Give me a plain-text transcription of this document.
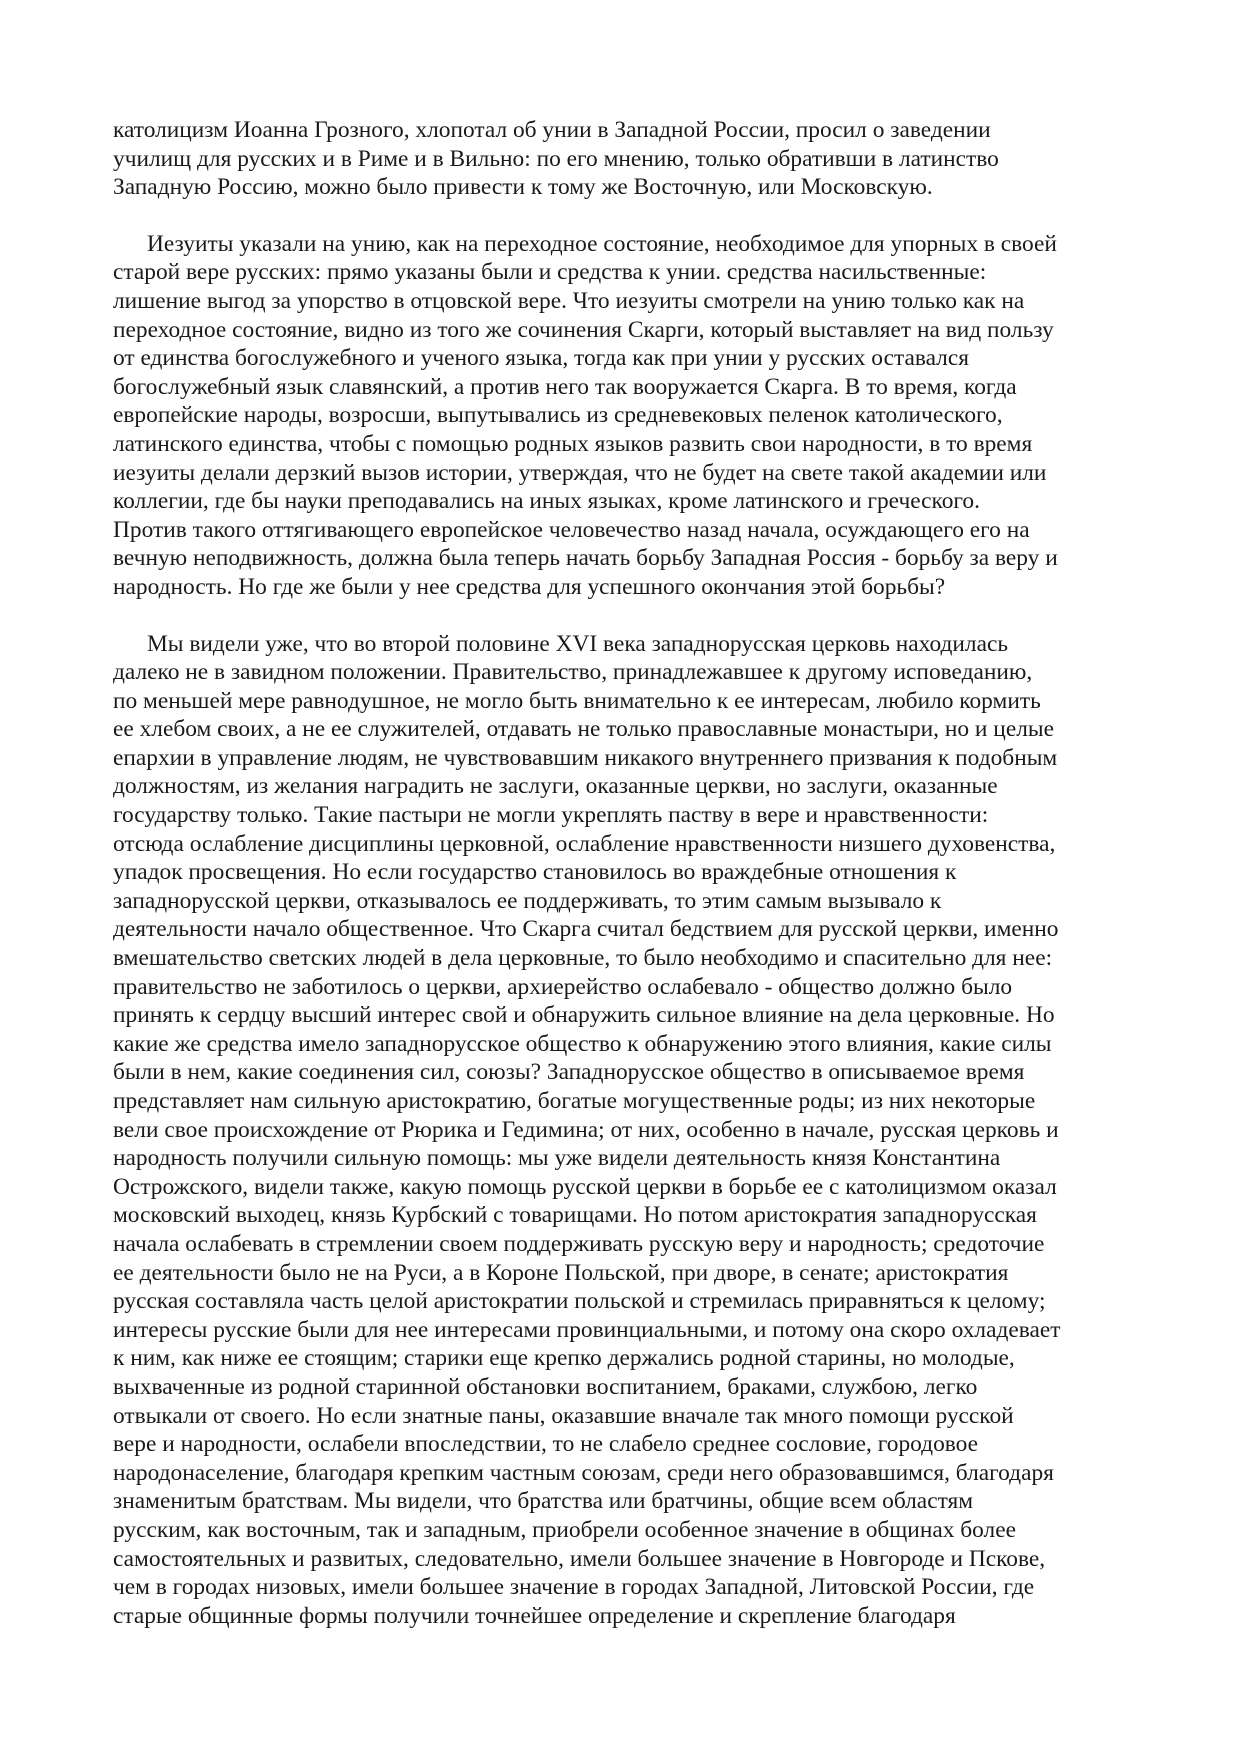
католицизм Иоанна Грозного, хлопотал об унии в Западной России, просил о заведении
училищ для русских и в Риме и в Вильно: по его мнению, только обративши в латинство
Западную Россию, можно было привести к тому же Восточную, или Московскую.

Иезуиты указали на унию, как на переходное состояние, необходимое для упорных в своей
старой вере русских: прямо указаны были и средства к унии. средства насильственные:
лишение выгод за упорство в отцовской вере. Что иезуиты смотрели на унию только как на
переходное состояние, видно из того же сочинения Скарги, который выставляет на вид пользу
от единства богослужебного и ученого языка, тогда как при унии у русских оставался
богослужебный язык славянский, а против него так вооружается Скарга. В то время, когда
европейские народы, возросши, выпутывались из средневековых пеленок католического,
латинского единства, чтобы с помощью родных языков развить свои народности, в то время
иезуиты делали дерзкий вызов истории, утверждая, что не будет на свете такой академии или
коллегии, где бы науки преподавались на иных языках, кроме латинского и греческого.
Против такого оттягивающего европейское человечество назад начала, осуждающего его на
вечную неподвижность, должна была теперь начать борьбу Западная Россия - борьбу за веру и
народность. Но где же были у нее средства для успешного окончания этой борьбы?

Мы видели уже, что во второй половине XVI века западнорусская церковь находилась
далеко не в завидном положении. Правительство, принадлежавшее к другому исповеданию,
по меньшей мере равнодушное, не могло быть внимательно к ее интересам, любило кормить
ее хлебом своих, а не ее служителей, отдавать не только православные монастыри, но и целые
епархии в управление людям, не чувствовавшим никакого внутреннего призвания к подобным
должностям, из желания наградить не заслуги, оказанные церкви, но заслуги, оказанные
государству только. Такие пастыри не могли укреплять паству в вере и нравственности:
отсюда ослабление дисциплины церковной, ослабление нравственности низшего духовенства,
упадок просвещения. Но если государство становилось во враждебные отношения к
западнорусской церкви, отказывалось ее поддерживать, то этим самым вызывало к
деятельности начало общественное. Что Скарга считал бедствием для русской церкви, именно
вмешательство светских людей в дела церковные, то было необходимо и спасительно для нее:
правительство не заботилось о церкви, архиерейство ослабевало - общество должно было
принять к сердцу высший интерес свой и обнаружить сильное влияние на дела церковные. Но
какие же средства имело западнорусское общество к обнаружению этого влияния, какие силы
были в нем, какие соединения сил, союзы? Западнорусское общество в описываемое время
представляет нам сильную аристократию, богатые могущественные роды; из них некоторые
вели свое происхождение от Рюрика и Гедимина; от них, особенно в начале, русская церковь и
народность получили сильную помощь: мы уже видели деятельность князя Константина
Острожского, видели также, какую помощь русской церкви в борьбе ее с католицизмом оказал
московский выходец, князь Курбский с товарищами. Но потом аристократия западнорусская
начала ослабевать в стремлении своем поддерживать русскую веру и народность; средоточие
ее деятельности было не на Руси, а в Короне Польской, при дворе, в сенате; аристократия
русская составляла часть целой аристократии польской и стремилась приравняться к целому;
интересы русские были для нее интересами провинциальными, и потому она скоро охладевает
к ним, как ниже ее стоящим; старики еще крепко держались родной старины, но молодые,
выхваченные из родной старинной обстановки воспитанием, браками, службою, легко
отвыкали от своего. Но если знатные паны, оказавшие вначале так много помощи русской
вере и народности, ослабели впоследствии, то не слабело среднее сословие, городовое
народонаселение, благодаря крепким частным союзам, среди него образовавшимся, благодаря
знаменитым братствам. Мы видели, что братства или братчины, общие всем областям
русским, как восточным, так и западным, приобрели особенное значение в общинах более
самостоятельных и развитых, следовательно, имели большее значение в Новгороде и Пскове,
чем в городах низовых, имели большее значение в городах Западной, Литовской России, где
старые общинные формы получили точнейшее определение и скрепление благодаря
